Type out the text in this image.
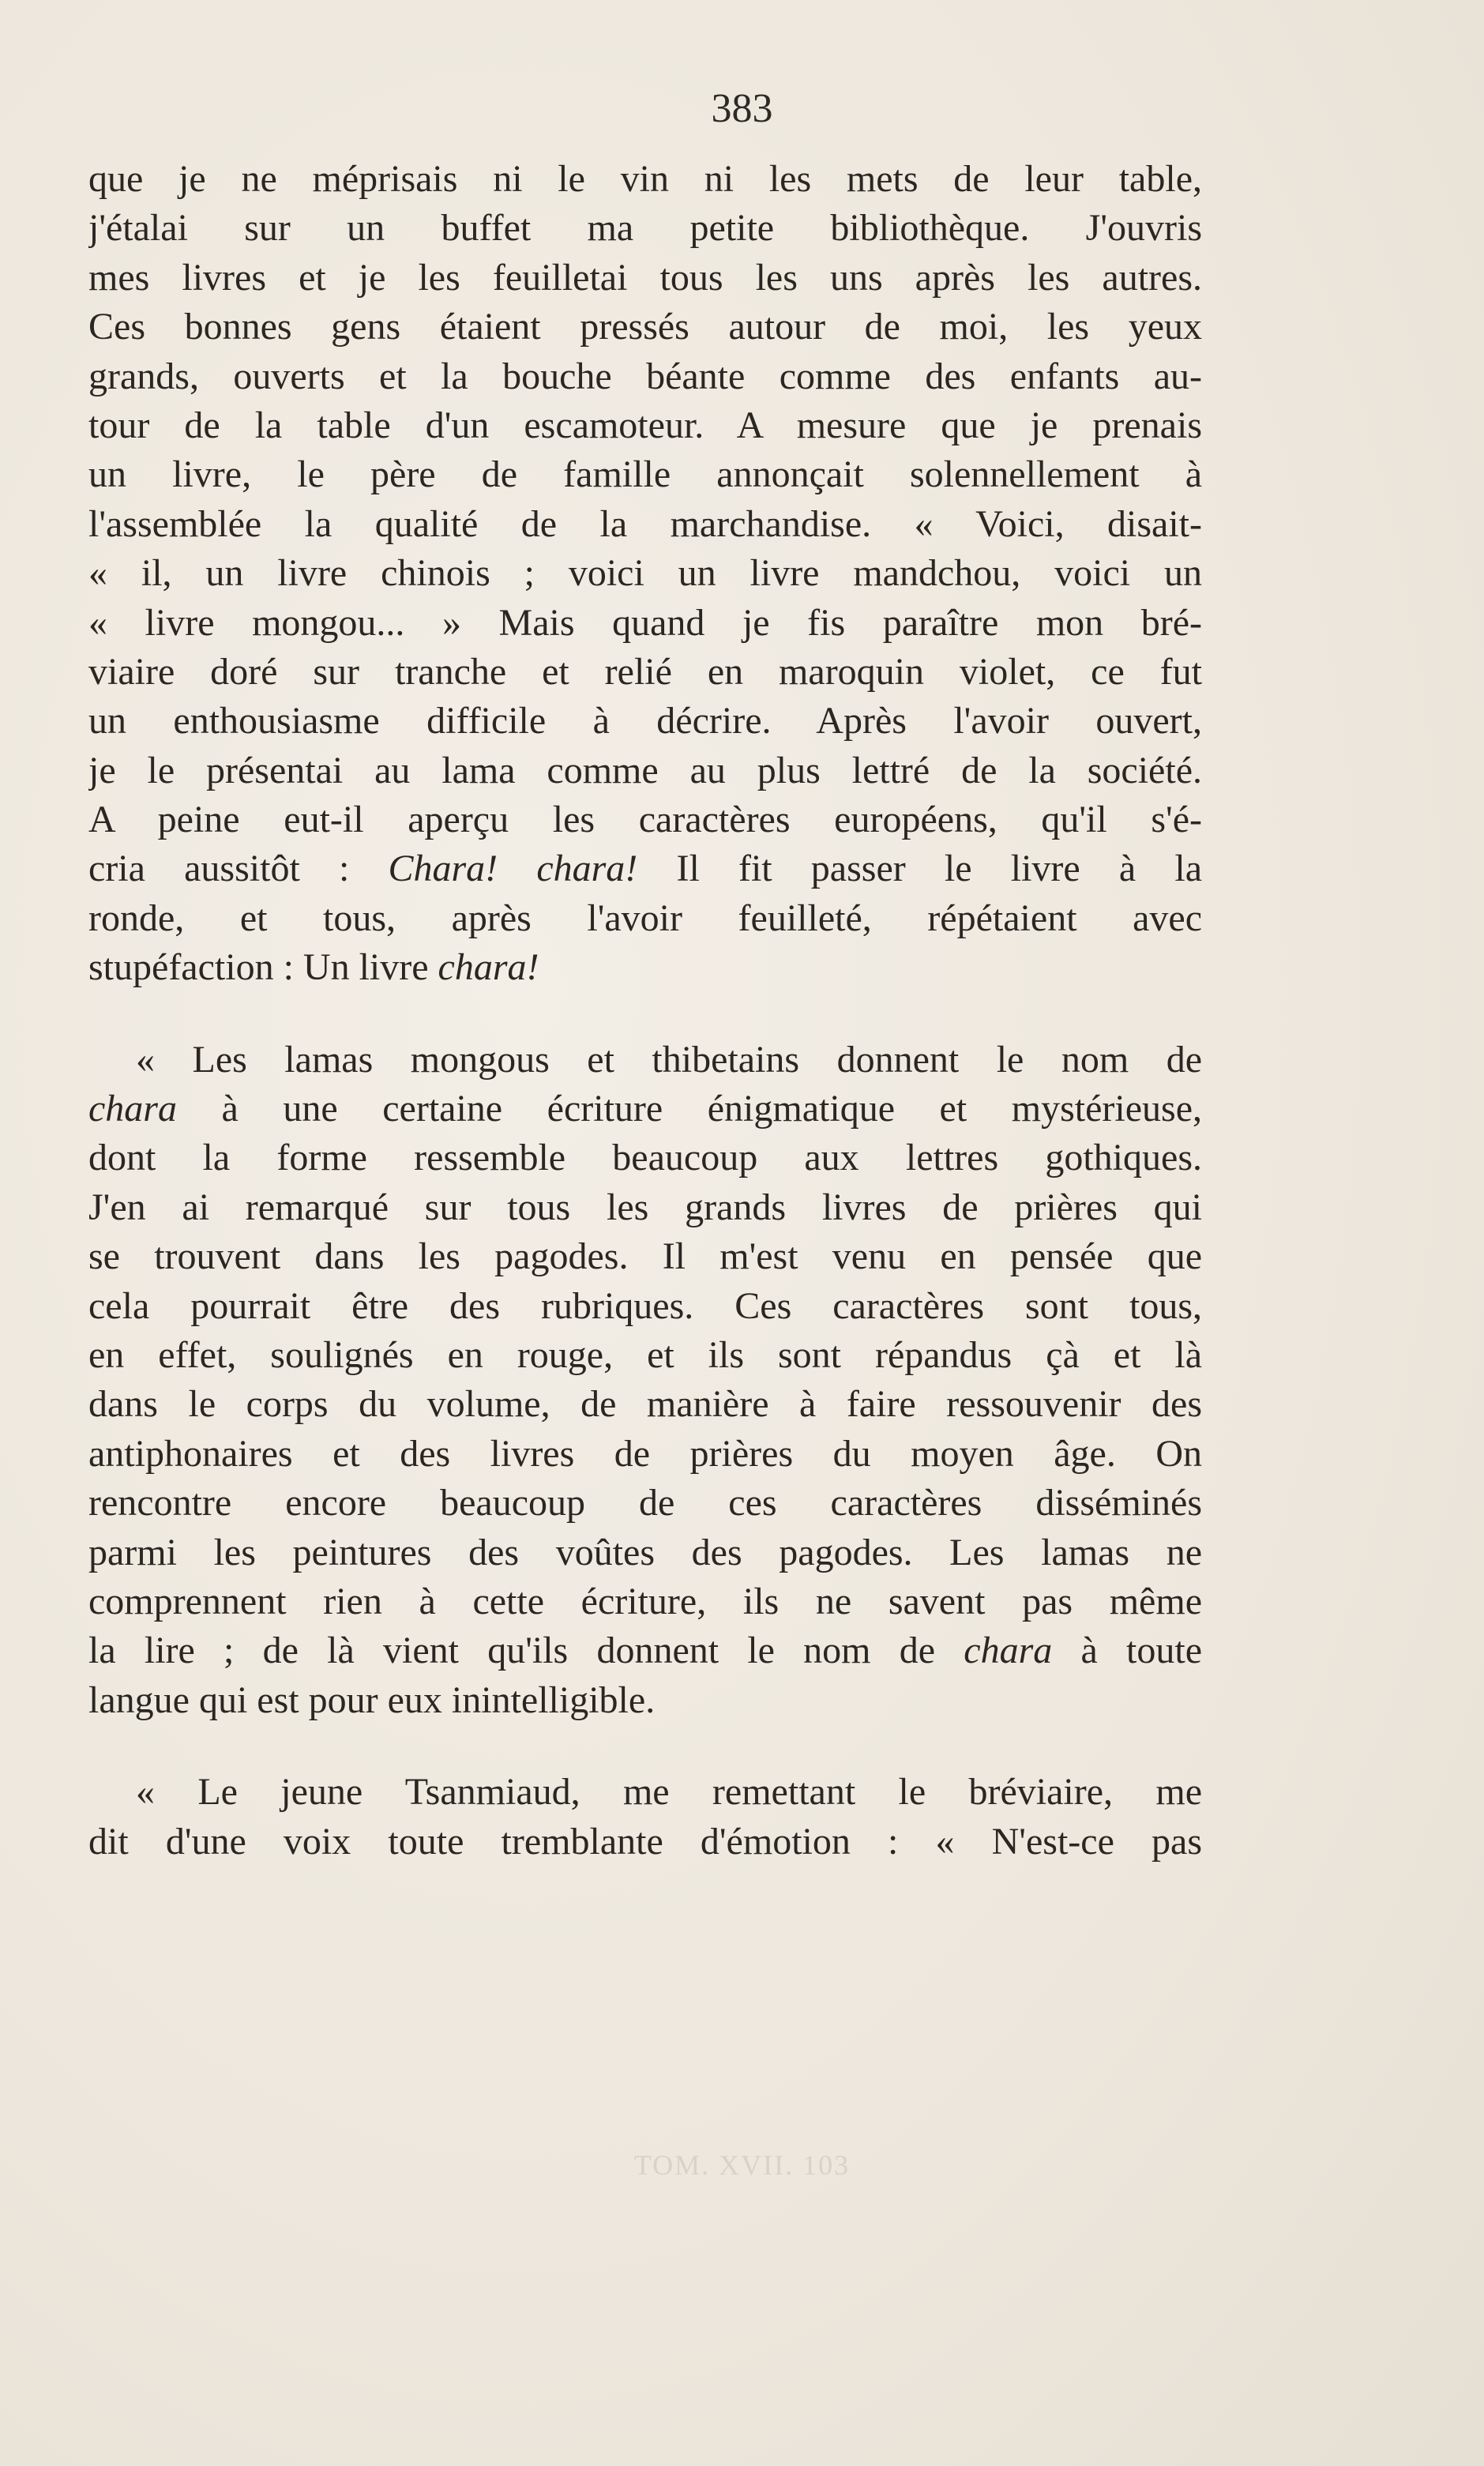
383
que je ne méprisais ni le vin ni les mets de leur table,
j'étalai sur un buffet ma petite bibliothèque. J'ouvris
mes livres et je les feuilletai tous les uns après les autres.
Ces bonnes gens étaient pressés autour de moi, les yeux
grands, ouverts et la bouche béante comme des enfants au-
tour de la table d'un escamoteur. A mesure que je prenais
un livre, le père de famille annonçait solennellement à
l'assemblée la qualité de la marchandise. « Voici, disait-
« il, un livre chinois ; voici un livre mandchou, voici un
« livre mongou... » Mais quand je fis paraître mon bré-
viaire doré sur tranche et relié en maroquin violet, ce fut
un enthousiasme difficile à décrire. Après l'avoir ouvert,
je le présentai au lama comme au plus lettré de la société.
A peine eut-il aperçu les caractères européens, qu'il s'é-
cria aussitôt : Chara! chara! Il fit passer le livre à la
ronde, et tous, après l'avoir feuilleté, répétaient avec
stupéfaction : Un livre chara!
« Les lamas mongous et thibetains donnent le nom de
chara à une certaine écriture énigmatique et mystérieuse,
dont la forme ressemble beaucoup aux lettres gothiques.
J'en ai remarqué sur tous les grands livres de prières qui
se trouvent dans les pagodes. Il m'est venu en pensée que
cela pourrait être des rubriques. Ces caractères sont tous,
en effet, soulignés en rouge, et ils sont répandus çà et là
dans le corps du volume, de manière à faire ressouvenir des
antiphonaires et des livres de prières du moyen âge. On
rencontre encore beaucoup de ces caractères disséminés
parmi les peintures des voûtes des pagodes. Les lamas ne
comprennent rien à cette écriture, ils ne savent pas même
la lire ; de là vient qu'ils donnent le nom de chara à toute
langue qui est pour eux inintelligible.
« Le jeune Tsanmiaud, me remettant le bréviaire, me
dit d'une voix toute tremblante d'émotion : « N'est-ce pas
TOM. XVII. 103
